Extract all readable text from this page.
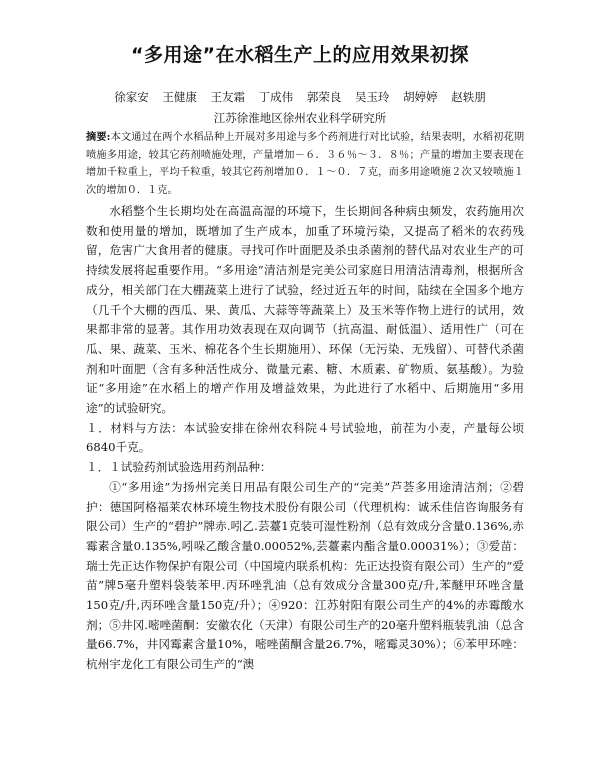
“多用途”在水稻生产上的应用效果初探
徐家安 王健康 王友霜 丁成伟 郭荣良 吴玉玲 胡婷婷 赵轶朋
江苏徐淮地区徐州农业科学研究所
摘要:本文通过在两个水稻品种上开展对多用途与多个药剂进行对比试验，结果表明，水稻初花期喷施多用途，较其它药剂喷施处理，产量增加－６．３６％～３．８％；产量的增加主要表现在增加千粒重上，平均千粒重，较其它药剂增加０．１～０．７克，而多用途喷施２次又较喷施１次的增加０．１克。

水稻整个生长期均处在高温高湿的环境下，生长期间各种病虫频发，农药施用次数和使用量的增加，既增加了生产成本，加重了环境污染，又提高了稻米的农药残留，危害广大食用者的健康。寻找可作叶面肥及杀虫杀菌剂的替代品对农业生产的可持续发展将起重要作用。“多用途”清洁剂是完美公司家庭日用清洁清毒剂，根据所含成分，相关部门在大棚蔬菜上进行了试验，经过近五年的时间，陆续在全国多个地方（几千个大棚的西瓜、果、黄瓜、大蒜等等蔬菜上）及玉米等作物上进行的试用，效果都非常的显著。其作用功效表现在双向调节（抗高温、耐低温）、适用性广（可在瓜、果、蔬菜、玉米、棉花各个生长期施用）、环保（无污染、无残留）、可替代杀菌剂和叶面肥（含有多种活性成分、微量元素、糖、木质素、矿物质、氨基酸）。为验证“多用途”在水稻上的增产作用及增益效果，为此进行了水稻中、后期施用“多用途”的试验研究。

１．材料与方法：本试验安排在徐州农科院４号试验地，前茬为小麦，产量每公顷6840千克。

１．１试验药剂试验选用药剂品种：

①“多用途”为扬州完美日用品有限公司生产的“完美”芦荟多用途清洁剂；②碧护：德国阿格福莱农林环境生物技术股份有限公司（代理机构：诚禾佳信咨询服务有限公司）生产的“碧护”牌赤.吲乙.芸薹1克装可湿性粉剂（总有效成分含量0.136%,赤霉素含量0.135%,吲哚乙酸含量0.00052%,芸薹素内酯含量0.00031%）；③爱苗：瑞士先正达作物保护有限公司（中国境内联系机构：先正达投资有限公司）生产的“爱苗”牌5毫升塑料袋装苯甲.丙环唑乳油（总有效成分含量300克/升,苯醚甲环唑含量150克/升,丙环唑含量150克/升）；④920：江苏射阳有限公司生产的4%的赤霉酸水剂；⑤井冈.嘧唑菌酮：安徽农化（天津）有限公司生产的20毫升塑料瓶装乳油（总含量66.7%，井冈霉素含量10%，嘧唑菌酮含量26.7%，嘧霉灵30%）；⑥苯甲环唑：杭州宇龙化工有限公司生产的“澳
